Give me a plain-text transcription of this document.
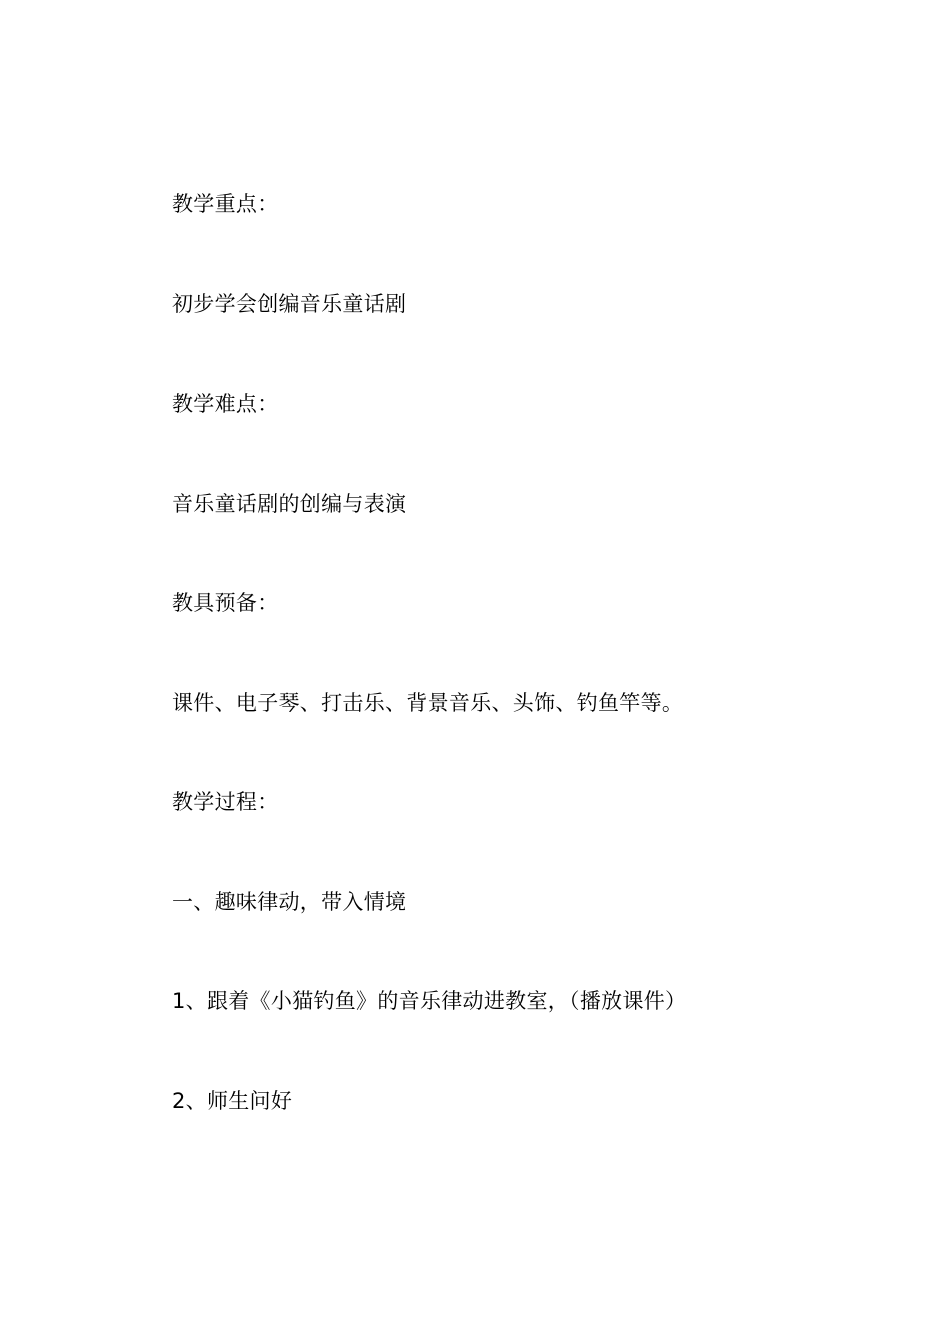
教学重点：
初步学会创编音乐童话剧
教学难点：
音乐童话剧的创编与表演
教具预备：
课件、电子琴、打击乐、背景音乐、头饰、钓鱼竿等。
教学过程：
一、趣味律动，带入情境
1、跟着《小猫钓鱼》的音乐律动进教室，（播放课件）
2、师生问好
